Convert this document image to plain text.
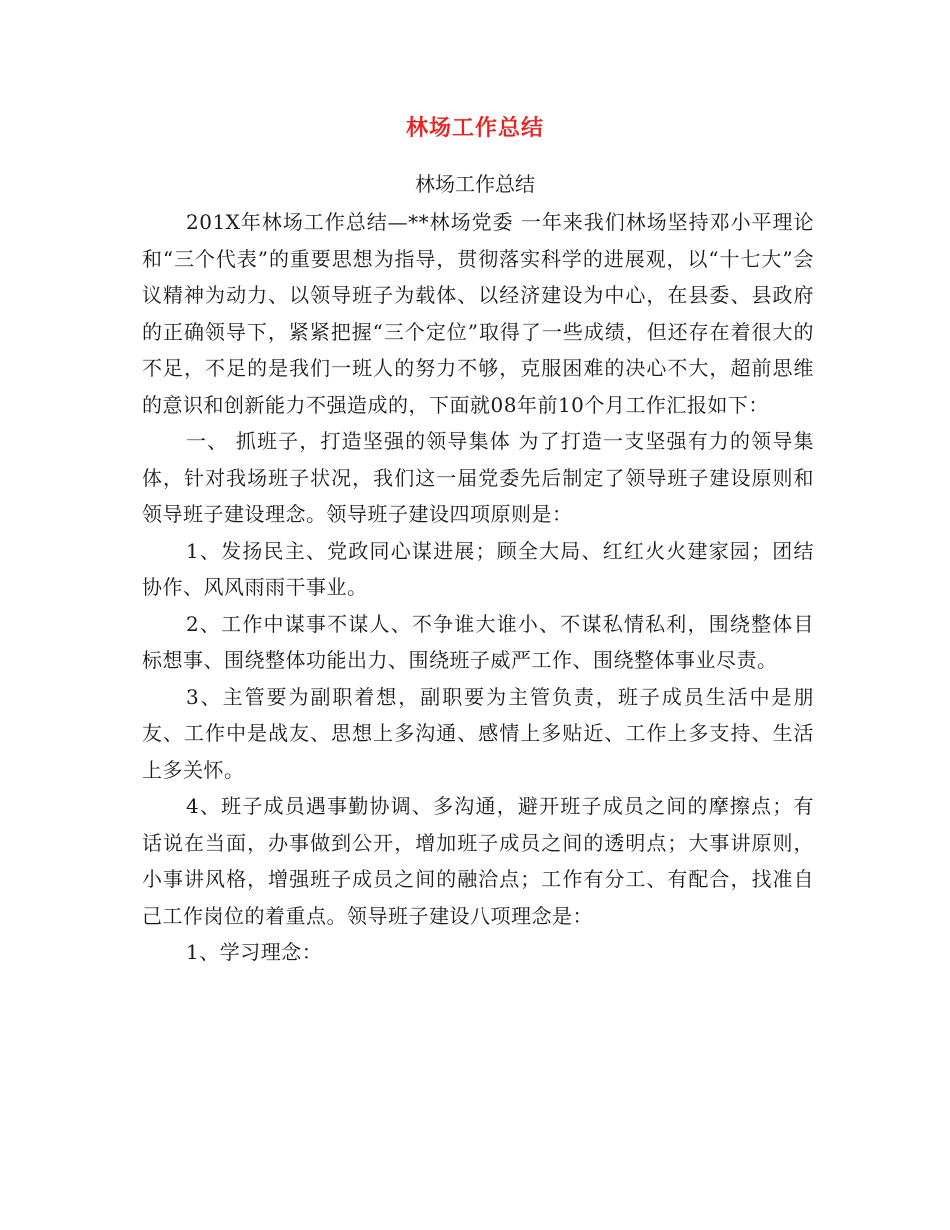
林场工作总结
林场工作总结

201X年林场工作总结—**林场党委 一年来我们林场坚持邓小平理论和“三个代表”的重要思想为指导，贯彻落实科学的进展观，以“十七大”会议精神为动力、以领导班子为载体、以经济建设为中心，在县委、县政府的正确领导下，紧紧把握“三个定位”取得了一些成绩，但还存在着很大的不足，不足的是我们一班人的努力不够，克服困难的决心不大，超前思维的意识和创新能力不强造成的，下面就08年前10个月工作汇报如下：

一、 抓班子，打造坚强的领导集体 为了打造一支坚强有力的领导集体，针对我场班子状况，我们这一届党委先后制定了领导班子建设原则和领导班子建设理念。领导班子建设四项原则是：

1、发扬民主、党政同心谋进展；顾全大局、红红火火建家园；团结协作、风风雨雨干事业。

2、工作中谋事不谋人、不争谁大谁小、不谋私情私利，围绕整体目标想事、围绕整体功能出力、围绕班子威严工作、围绕整体事业尽责。

3、主管要为副职着想，副职要为主管负责，班子成员生活中是朋友、工作中是战友、思想上多沟通、感情上多贴近、工作上多支持、生活上多关怀。

4、班子成员遇事勤协调、多沟通，避开班子成员之间的摩擦点；有话说在当面，办事做到公开，增加班子成员之间的透明点；大事讲原则，小事讲风格，增强班子成员之间的融洽点；工作有分工、有配合，找准自己工作岗位的着重点。领导班子建设八项理念是：

1、学习理念：
